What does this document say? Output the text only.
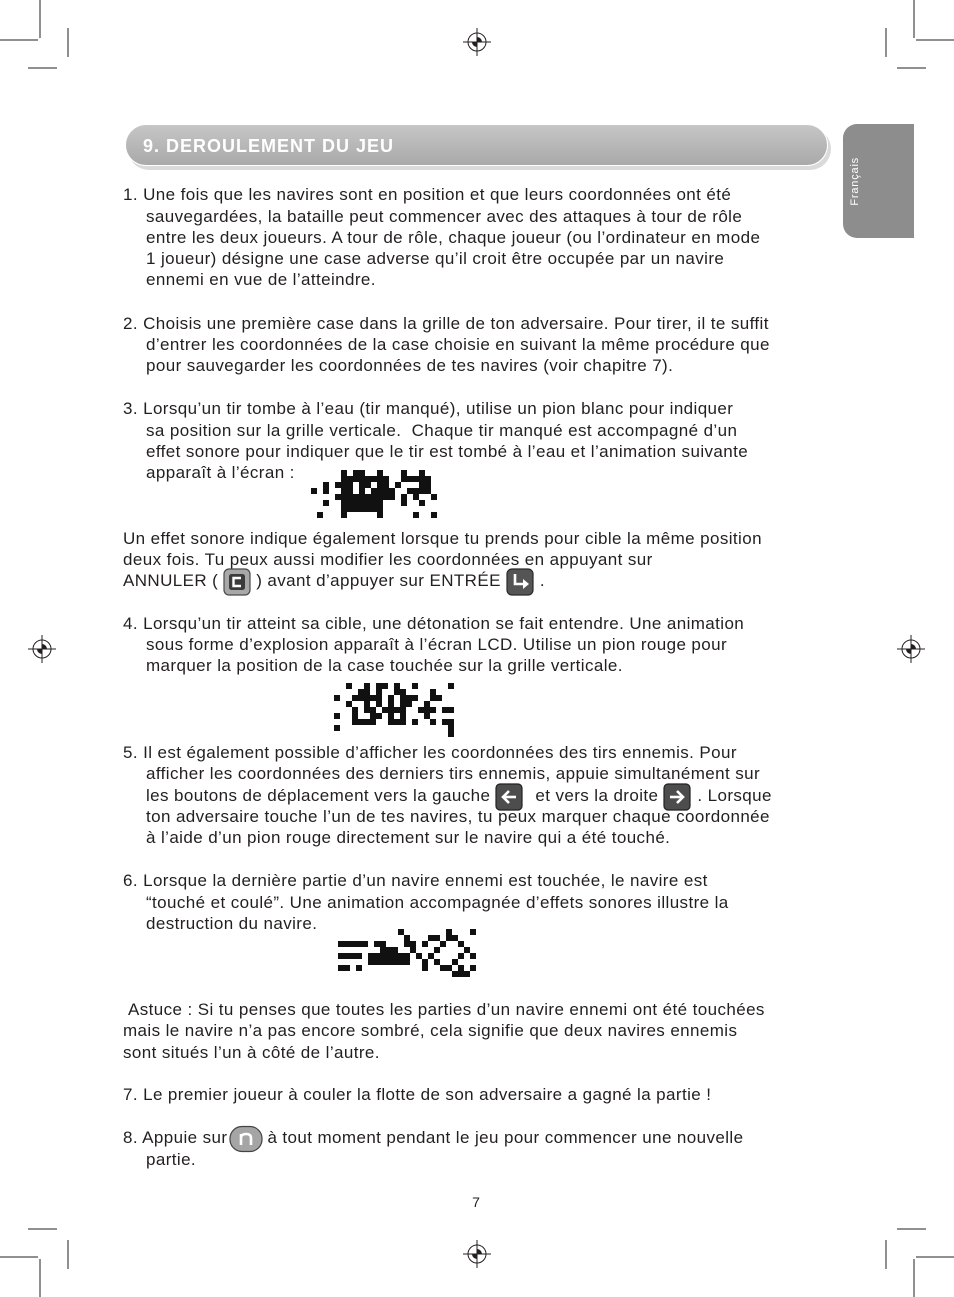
Français
9. DEROULEMENT DU JEU
1. Une fois que les navires sont en position et que leurs coordonnées ont été
sauvegardées, la bataille peut commencer avec des attaques à tour de rôle
entre les deux joueurs. A tour de rôle, chaque joueur (ou l’ordinateur en mode
1 joueur) désigne une case adverse qu’il croit être occupée par un navire
ennemi en vue de l’atteindre.
2. Choisis une première case dans la grille de ton adversaire. Pour tirer, il te suffit
d’entrer les coordonnées de la case choisie en suivant la même procédure que
pour sauvegarder les coordonnées de tes navires (voir chapitre 7).
3. Lorsqu’un tir tombe à l’eau (tir manqué), utilise un pion blanc pour indiquer
sa position sur la grille verticale.  Chaque tir manqué est accompagné d’un
effet sonore pour indiquer que le tir est tombé à l’eau et l’animation suivante
apparaît à l’écran :
Un effet sonore indique également lorsque tu prends pour cible la même position
deux fois. Tu peux aussi modifier les coordonnées en appuyant sur
ANNULER ( ) avant d’appuyer sur ENTRÉE .
4. Lorsqu’un tir atteint sa cible, une détonation se fait entendre. Une animation
sous forme d’explosion apparaît à l’écran LCD. Utilise un pion rouge pour
marquer la position de la case touchée sur la grille verticale.
5. Il est également possible d’afficher les coordonnées des tirs ennemis. Pour
afficher les coordonnées des derniers tirs ennemis, appuie simultanément sur
les boutons de déplacement vers la gauche	et vers la droite . Lorsque
ton adversaire touche l’un de tes navires, tu peux marquer chaque coordonnée
à l’aide d’un pion rouge directement sur le navire qui a été touché.
6. Lorsque la dernière partie d’un navire ennemi est touchée, le navire est
“touché et coulé”. Une animation accompagnée d’effets sonores illustre la
destruction du navire.
Astuce : Si tu penses que toutes les parties d’un navire ennemi ont été touchées
mais le navire n’a pas encore sombré, cela signifie que deux navires ennemis
sont situés l’un à côté de l’autre.
7. Le premier joueur à couler la flotte de son adversaire a gagné la partie !
8. Appuie sur à tout moment pendant le jeu pour commencer une nouvelle
partie.
7
